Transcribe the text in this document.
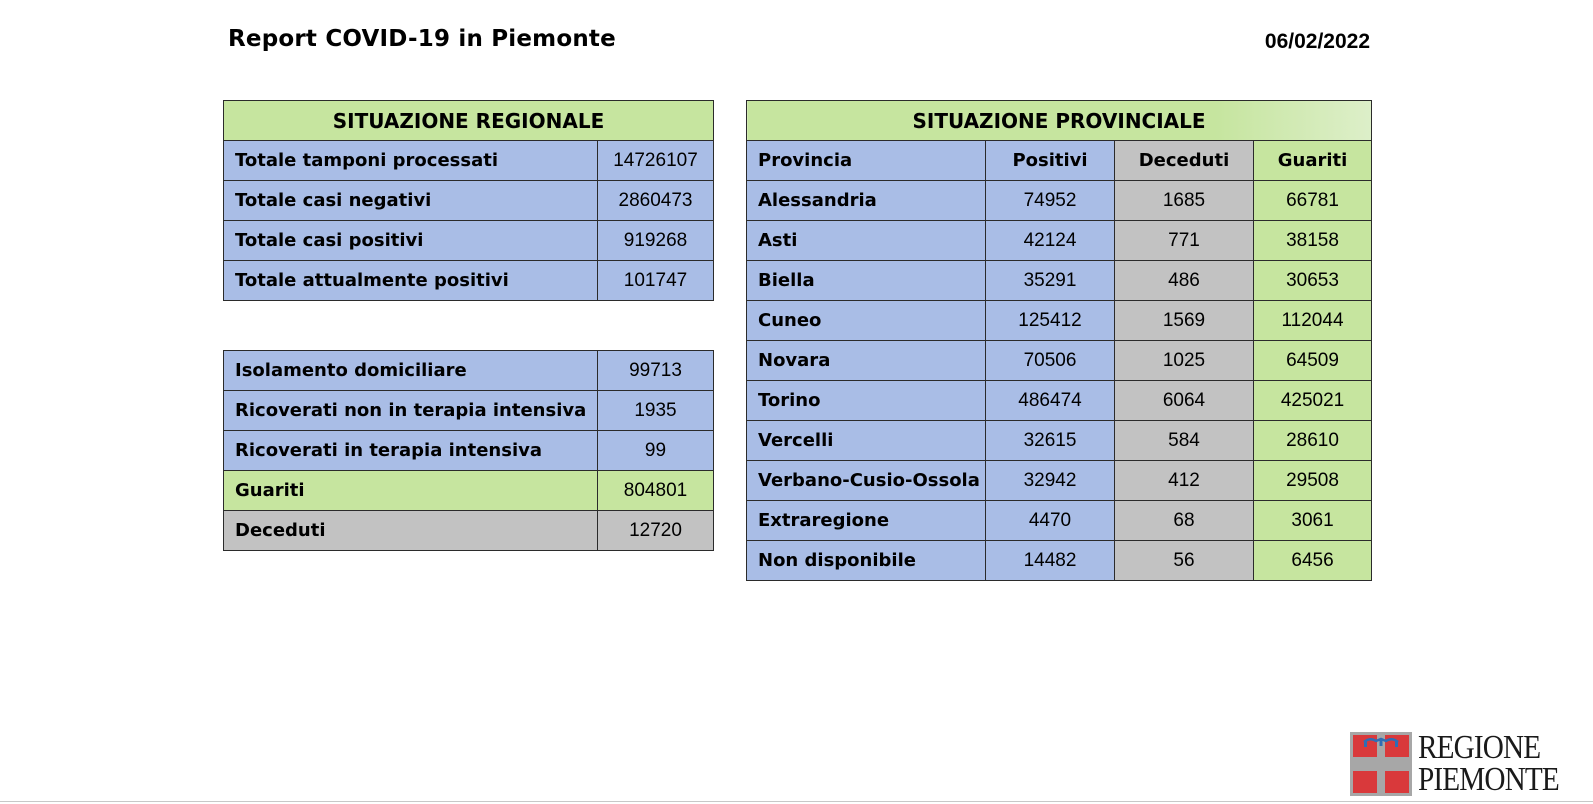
Report COVID-19 in Piemonte	06/02/2022
SITUAZIONE REGIONALE	
Totale tamponi processati	14726107
Totale casi negativi	2860473
Totale casi positivi	919268
Totale attualmente positivi	101747
Isolamento domiciliare	99713
Ricoverati non in terapia intensiva	1935
Ricoverati in terapia intensiva	99
Guariti	804801
Deceduti	12720
SITUAZIONE PROVINCIALE			
Provincia	Positivi	Deceduti	Guariti
Alessandria	74952	1685	66781
Asti	42124	771	38158
Biella	35291	486	30653
Cuneo	125412	1569	112044
Novara	70506	1025	64509
Torino	486474	6064	425021
Vercelli	32615	584	28610
Verbano-Cusio-Ossola	32942	412	29508
Extraregione	4470	68	3061
Non disponibile	14482	56	6456
REGIONE
PIEMONTE
